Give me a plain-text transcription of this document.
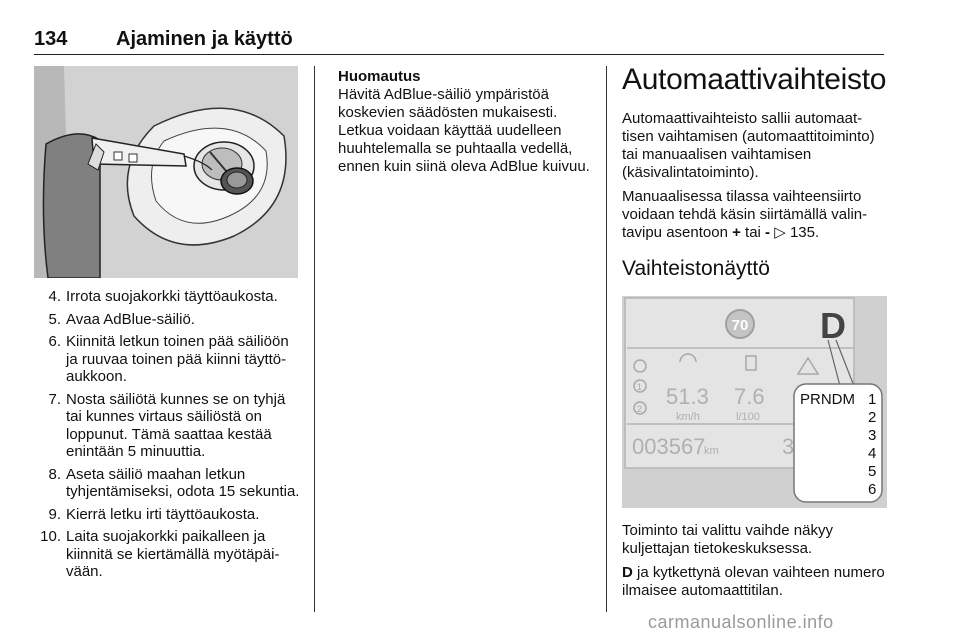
134 Ajaminen ja käyttö
4. Irrota suojakorkki täyttöaukosta.
5. Avaa AdBlue-säiliö.
6. Kiinnitä letkun toinen pää säiliöön ja ruuvaa toinen pää kiinni täyttöaukkoon.
7. Nosta säiliötä kunnes se on tyhjä tai kunnes virtaus säiliöstä on loppunut. Tämä saattaa kestää enintään 5 minuuttia.
8. Aseta säiliö maahan letkun tyhjentämiseksi, odota 15 sekuntia.
9. Kierrä letku irti täyttöaukosta.
10. Laita suojakorkki paikalleen ja kiinnitä se kiertämällä myötäpäivään.
Huomautus
Hävitä AdBlue-säiliö ympäristöä koskevien säädösten mukaisesti. Letkua voidaan käyttää uudelleen huuhtelemalla se puhtaalla vedellä, ennen kuin siinä oleva AdBlue kuivuu.
Automaattivaihteisto

Automaattivaihteisto sallii automaattisen vaihtamisen (automaattitoiminto) tai manuaalisen vaihtamisen (käsivalintatoiminto).

Manuaalisessa tilassa vaihteensiirto voidaan tehdä käsin siirtämällä valintavipu asentoon + tai - ▷ 135.

Vaihteistonäyttö
70 D
1
2 51.3
km/h
7.6
l/100
003567
km	3
PRNDM 1
2
3
4
5
6

Toiminto tai valittu vaihde näkyy kuljettajan tietokeskuksessa.

D ja kytkettynä olevan vaihteen numero ilmaisee automaattitilan.

carmanualsonline.info
